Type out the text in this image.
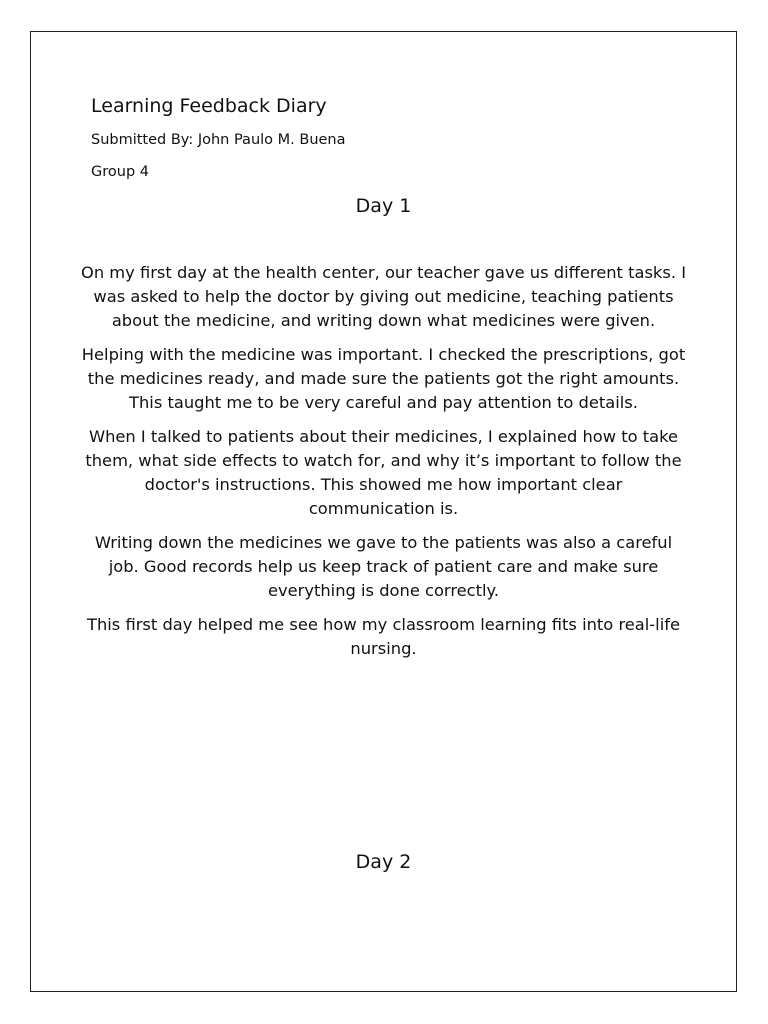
Learning Feedback Diary
Submitted By: John Paulo M. Buena
Group 4
Day 1

On my first day at the health center, our teacher gave us different tasks. I was asked to help the doctor by giving out medicine, teaching patients about the medicine, and writing down what medicines were given.

Helping with the medicine was important. I checked the prescriptions, got the medicines ready, and made sure the patients got the right amounts. This taught me to be very careful and pay attention to details.

When I talked to patients about their medicines, I explained how to take them, what side effects to watch for, and why it’s important to follow the doctor's instructions. This showed me how important clear communication is.

Writing down the medicines we gave to the patients was also a careful job. Good records help us keep track of patient care and make sure everything is done correctly.

This first day helped me see how my classroom learning fits into real-life nursing.

Day 2
